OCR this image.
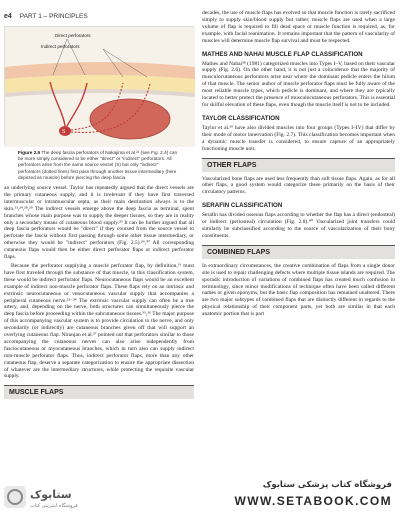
e4 PART 1 – PRINCIPLES
S
Direct perforators
Indirect perforators
Figure 2.5 The deep fascia perforators of Nakajima et al.²¹ (see Fig. 2.4) can be more simply considered to be either "direct" or "indirect" perforators. All perforators arise from the same source vessel (S) but only "indirect" perforators (dotted lines) first pass through another tissue intermediary (here depicted as muscle) before piercing the deep fascia.

an underlying source vessel. Taylor has repeatedly argued that the direct vessels are the primary cutaneous supply, and it is irrelevant if they have first traversed intermuscular or intramuscular septa, as their main destination always is to the skin.²³,²⁴,²⁸,²⁹ The indirect vessels emerge above the deep fascia as terminal, spent branches whose main purpose was to supply the deeper tissues, so they are in reality only a secondary means of cutaneous blood supply.²⁹ It can be further argued that all deep fascia perforators would be "direct" if they coursed from the source vessel to perforate the fascia without first passing through some other tissue intermediary, or otherwise they would be "indirect" perforators (Fig. 2.5).²⁹,³⁰ All corresponding cutaneous flaps would then be either direct perforator flaps or indirect perforator flaps.

Because the perforator supplying a muscle perforator flap, by definition,³¹ must have first traveled through the substance of that muscle, in this classification system, these would be indirect perforator flaps. Neurocutaneous flaps would be an excellent example of indirect non-muscle perforator flaps. These flaps rely on an intrinsic and extrinsic neurocutaneous or venocutaneous vascular supply that accompanies a peripheral cutaneous nerve.³²⁻³⁴ The extrinsic vascular supply can often be a true artery, and, depending on the nerve, both structures can simultaneously pierce the deep fascia before proceeding within the subcutaneous tissues.³⁵,³⁶ The major purpose of this accompanying vascular system is to provide circulation to the nerve, and only secondarily (or indirectly) are cutaneous branches given off that will support an overlying cutaneous flap. Niranjan et al.³⁷ pointed out that perforators similar to those accompanying the cutaneous nerves can also arise independently from fasciocutaneous or myocutaneous branches, which in turn also can supply indirect non-muscle perforator flaps. Thus, indirect perforator flaps, more than any other cutaneous flap, deserve a separate categorization to ensure the appropriate dissection of whatever are the intermediary structures, while protecting the requisite vascular supply.

MUSCLE FLAPS

decades, the use of muscle flaps has evolved so that muscle function is rarely sacrificed simply to supply skin/blood supply but rather, muscle flaps are used when a large volume of flap is required to fill dead space or muscle function is required, as, for example, with facial reanimation. It remains important that the pattern of vascularity of muscles will determine muscle flap survival and must be respected.

MATHES AND NAHAI MUSCLE FLAP CLASSIFICATION

Mathes and Nahai³⁸ (1981) categorized muscles into Types I–V, based on their vascular supply (Fig. 2.6). On the other hand, it is not just a coincidence that the majority of musculocutaneous perforators arise near where the dominant pedicle enters the hilum of that muscle. The senior author of muscle perforator flaps must be fully aware of the most reliable muscle types, which pedicle is dominant, and where they are typically located to better protect the presence of musculocutaneous perforators. This is essential for skilful elevation of these flaps, even though the muscle itself is not to be included.

TAYLOR CLASSIFICATION

Taylor et al.³⁹ have also divided muscles into four groups (Types I–IV) that differ by their mode of motor innervation (Fig. 2.7). This classification becomes important when a dynamic muscle transfer is considered, to ensure capture of an appropriately functioning muscle unit.

OTHER FLAPS

Vascularized bone flaps are used less frequently than soft tissue flaps. Again, as for all other flaps, a good system would categorize these primarily on the basis of their circulatory patterns.

SERAFIN CLASSIFICATION

Serafin has divided osseous flaps according to whether the flap has a direct (endosteal) or indirect (periosteal) circulation (Fig. 2.8).⁴⁰ Vascularized joint transfers could similarly be subclassified according to the source of vascularization of their bony constituents.

COMBINED FLAPS

In extraordinary circumstances, the creative combination of flaps from a single donor site is used to repair challenging defects where multiple tissue islands are required. The sporadic introduction of variations of combined flaps has created much confusion in terminology, since minor modifications of technique often have been called different names or given eponyms, but the basic flap composition has remained unaltered. There are two major subtypes of combined flaps that are distinctly different in regards to the physical relationship of their component parts, yet both are similar in that each anatomic portion that is part

ستابوک
فروشگاه اینترنتی کتاب
فروشگاه کتاب پزشکی ستابوک
WWW.SETABOOK.COM
